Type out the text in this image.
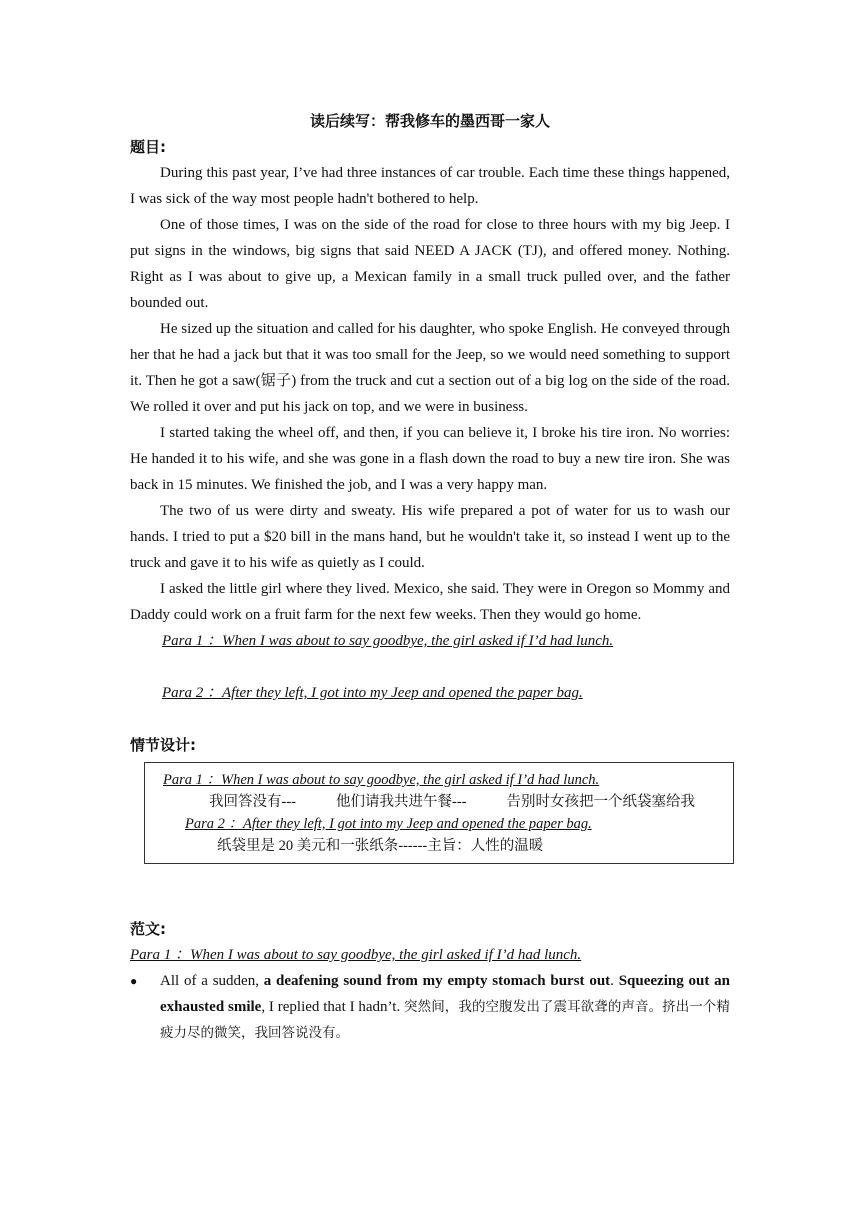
读后续写：帮我修车的墨西哥一家人
题目:

During this past year, I’ve had three instances of car trouble. Each time these things happened, I was sick of the way most people hadn't bothered to help.

One of those times, I was on the side of the road for close to three hours with my big Jeep. I put signs in the windows, big signs that said NEED A JACK (TJ), and offered money. Nothing. Right as I was about to give up, a Mexican family in a small truck pulled over, and the father bounded out.

He sized up the situation and called for his daughter, who spoke English. He conveyed through her that he had a jack but that it was too small for the Jeep, so we would need something to support it. Then he got a saw(锯子) from the truck and cut a section out of a big log on the side of the road. We rolled it over and put his jack on top, and we were in business.

I started taking the wheel off, and then, if you can believe it, I broke his tire iron. No worries: He handed it to his wife, and she was gone in a flash down the road to buy a new tire iron. She was back in 15 minutes. We finished the job, and I was a very happy man.

The two of us were dirty and sweaty. His wife prepared a pot of water for us to wash our hands. I tried to put a $20 bill in the mans hand, but he wouldn't take it, so instead I went up to the truck and gave it to his wife as quietly as I could.

I asked the little girl where they lived. Mexico, she said. They were in Oregon so Mommy and Daddy could work on a fruit farm for the next few weeks. Then they would go home.

Para 1 ：When I was about to say goodbye, the girl asked if I’d had lunch.

Para 2 ：After they left, I got into my Jeep and opened the paper bag.

情节设计:
Para 1 ：When I was about to say goodbye, the girl asked if I’d had lunch.
我回答没有---	他们请我共进午餐---	告别时女孩把一个纸袋塞给我
Para 2 ：After they left, I got into my Jeep and opened the paper bag.
纸袋里是 20 美元和一张纸条------主旨：人性的温暖
范文:

Para 1 ：When I was about to say goodbye, the girl asked if I’d had lunch.

●	All of a sudden, a deafening sound from my empty stomach burst out. Squeezing out an exhausted smile, I replied that I hadn’t. 突然间，我的空腹发出了震耳欲聋的声音。挤出一个精疲力尽的微笑，我回答说没有。
